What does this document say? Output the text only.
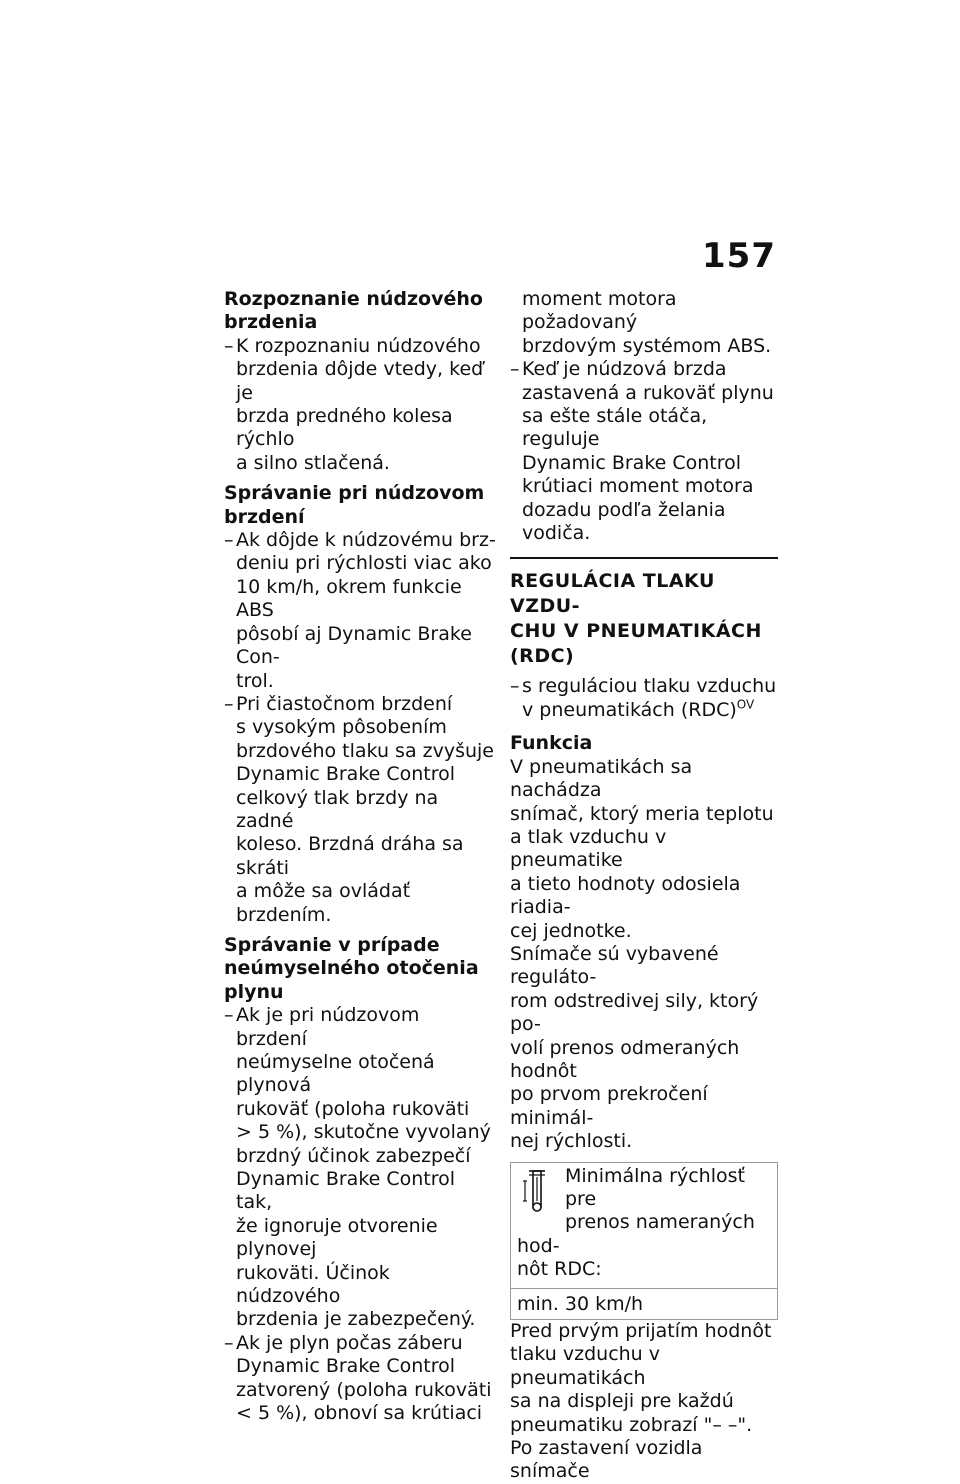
157
Rozpoznanie núdzového
brzdenia
– K rozpoznaniu núdzového
brzdenia dôjde vtedy, keď je
brzda predného kolesa rýchlo
a silno stlačená.
Správanie pri núdzovom
brzdení
– Ak dôjde k núdzovému brz-
deniu pri rýchlosti viac ako
10 km/h, okrem funkcie ABS
pôsobí aj Dynamic Brake Con-
trol.
– Pri čiastočnom brzdení
s vysokým pôsobením
brzdového tlaku sa zvyšuje
Dynamic Brake Control
celkový tlak brzdy na zadné
koleso. Brzdná dráha sa skráti
a môže sa ovládať brzdením.
Správanie v prípade
neúmyselného otočenia plynu
– Ak je pri núdzovom brzdení
neúmyselne otočená plynová
rukoväť (poloha rukoväti
> 5 %), skutočne vyvolaný
brzdný účinok zabezpečí
Dynamic Brake Control tak,
že ignoruje otvorenie plynovej
rukoväti. Účinok núdzového
brzdenia je zabezpečený.
– Ak je plyn počas záberu
Dynamic Brake Control
zatvorený (poloha rukoväti
< 5 %), obnoví sa krútiaci
moment motora požadovaný
brzdovým systémom ABS.
– Keď je núdzová brzda
zastavená a rukoväť plynu
sa ešte stále otáča, reguluje
Dynamic Brake Control
krútiaci moment motora
dozadu podľa želania vodiča.
REGULÁCIA TLAKU VZDU-
CHU V PNEUMATIKÁCH
(RDC)
– s reguláciou tlaku vzduchu
v pneumatikách (RDC)$^{OV}$
Funkcia
V pneumatikách sa nachádza
snímač, ktorý meria teplotu
a tlak vzduchu v pneumatike
a tieto hodnoty odosiela riadia-
cej jednotke.
Snímače sú vybavené reguláto-
rom odstredivej sily, ktorý po-
volí prenos odmeraných hodnôt
po prvom prekročení minimál-
nej rýchlosti.
Minimálna rýchlosť pre
prenos nameraných hod-
nôt RDC:
min. 30 km/h
Pred prvým prijatím hodnôt
tlaku vzduchu v pneumatikách
sa na displeji pre každú
pneumatiku zobrazí "– –".
Po zastavení vozidla snímače
